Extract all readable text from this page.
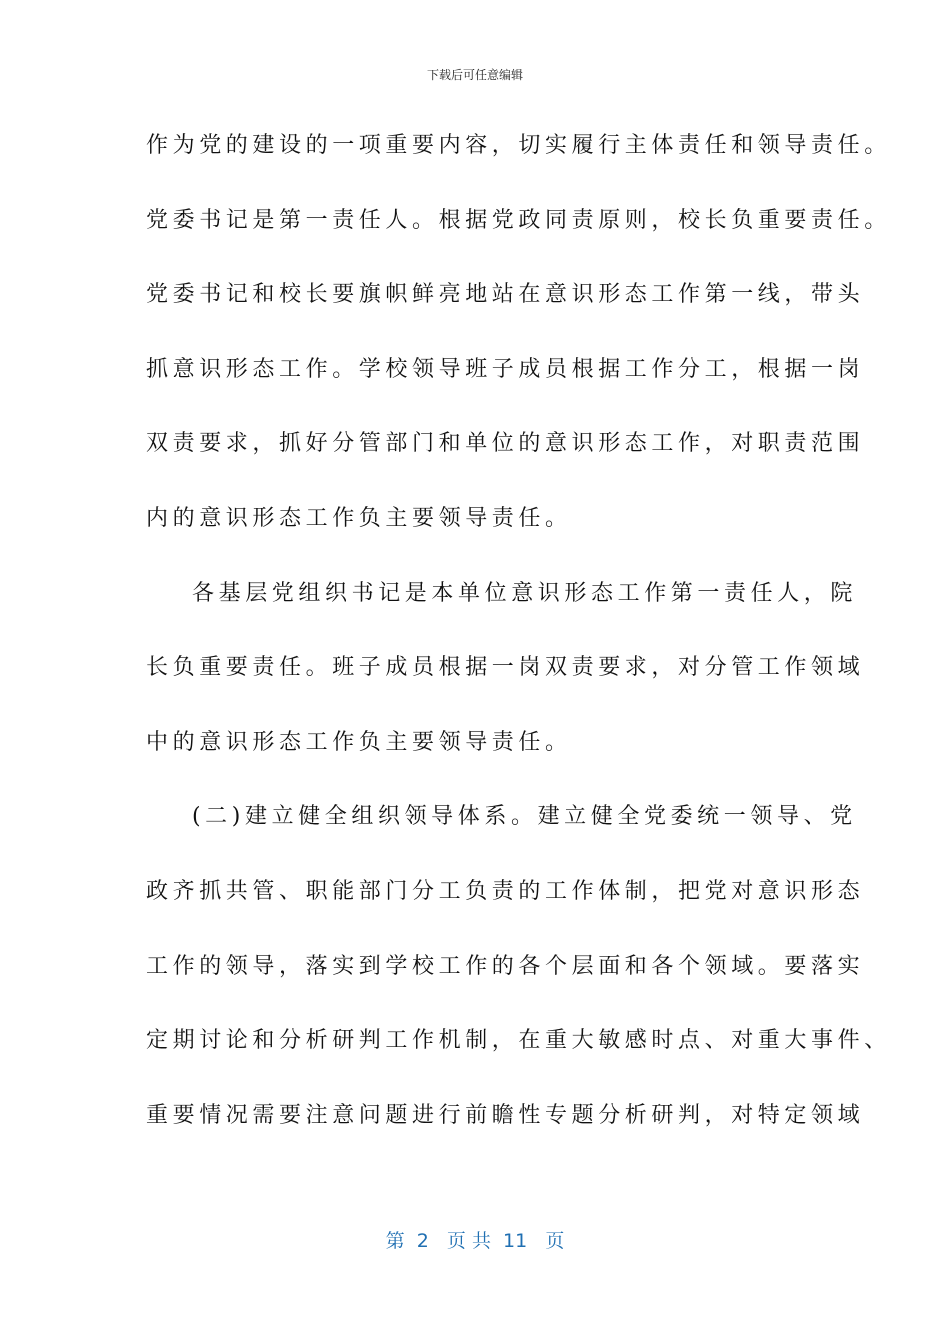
下载后可任意编辑
作为党的建设的一项重要内容，切实履行主体责任和领导责任。
党委书记是第一责任人。根据党政同责原则，校长负重要责任。
党委书记和校长要旗帜鲜亮地站在意识形态工作第一线，带头
抓意识形态工作。学校领导班子成员根据工作分工，根据一岗
双责要求，抓好分管部门和单位的意识形态工作，对职责范围
内的意识形态工作负主要领导责任。
各基层党组织书记是本单位意识形态工作第一责任人，院
长负重要责任。班子成员根据一岗双责要求，对分管工作领域
中的意识形态工作负主要领导责任。
(二)建立健全组织领导体系。建立健全党委统一领导、党
政齐抓共管、职能部门分工负责的工作体制，把党对意识形态
工作的领导，落实到学校工作的各个层面和各个领域。要落实
定期讨论和分析研判工作机制，在重大敏感时点、对重大事件、
重要情况需要注意问题进行前瞻性专题分析研判，对特定领域
第  2   页 共  11   页
